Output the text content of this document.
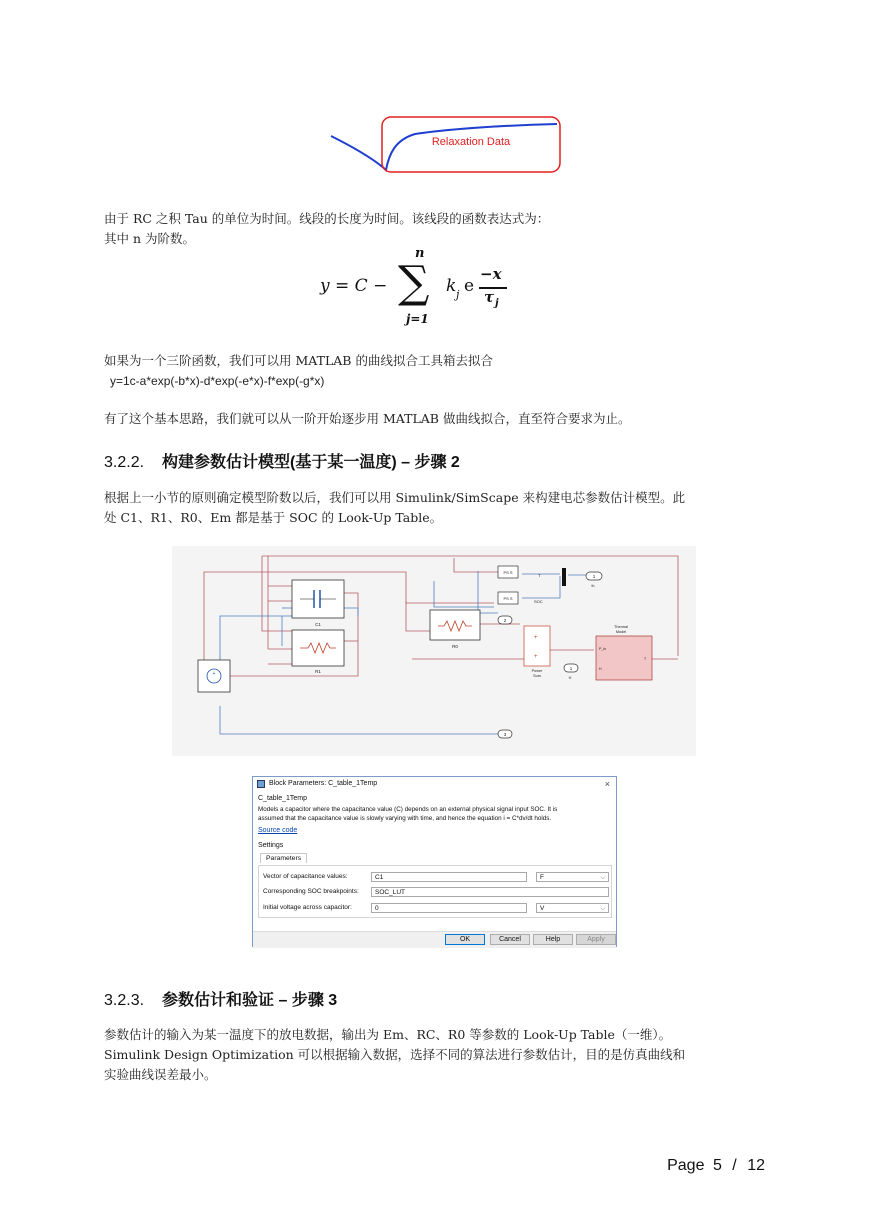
Relaxation Data
由于 RC 之积 Tau 的单位为时间。线段的长度为时间。该线段的函数表达式为：
其中 n 为阶数。
y = C −
n
∑
j=1
k j e
−x
τ j
如果为一个三阶函数，我们可以用 MATLAB 的曲线拟合工具箱去拟合
y=1c-a*exp(-b*x)-d*exp(-e*x)-f*exp(-g*x)
有了这个基本思路，我们就可以从一阶开始逐步用 MATLAB 做曲线拟合，直至符合要求为止。
3.2.2. 构建参数估计模型(基于某一温度) – 步骤 2
根据上一小节的原则确定模型阶数以后，我们可以用 Simulink/SimScape 来构建电芯参数估计模型。此
处 C1、R1、R0、Em 都是基于 SOC 的 Look-Up Table。
C1
R1
R0
+
PS S
PS S
T
SOC
1
th
2
3
+
+
Power
Sum
1
H
Thermal
Model
P_in
H
T
Block Parameters: C_table_1Temp	×
C_table_1Temp
Models a capacitor where the capacitance value (C) depends on an external physical signal input SOC. It is
assumed that the capacitance value is slowly varying with time, and hence the equation i = C*dv/dt holds.
Source code
Settings
Parameters
Vector of capacitance values:	C1	F	⌵
Corresponding SOC breakpoints:	SOC_LUT
Initial voltage across capacitor:	0	V	⌵
OK	Cancel	Help	Apply
3.2.3. 参数估计和验证 – 步骤 3
参数估计的输入为某一温度下的放电数据，输出为 Em、RC、R0 等参数的 Look-Up Table（一维）。
Simulink Design Optimization 可以根据输入数据，选择不同的算法进行参数估计，目的是仿真曲线和
实验曲线误差最小。
Page 5 / 12
